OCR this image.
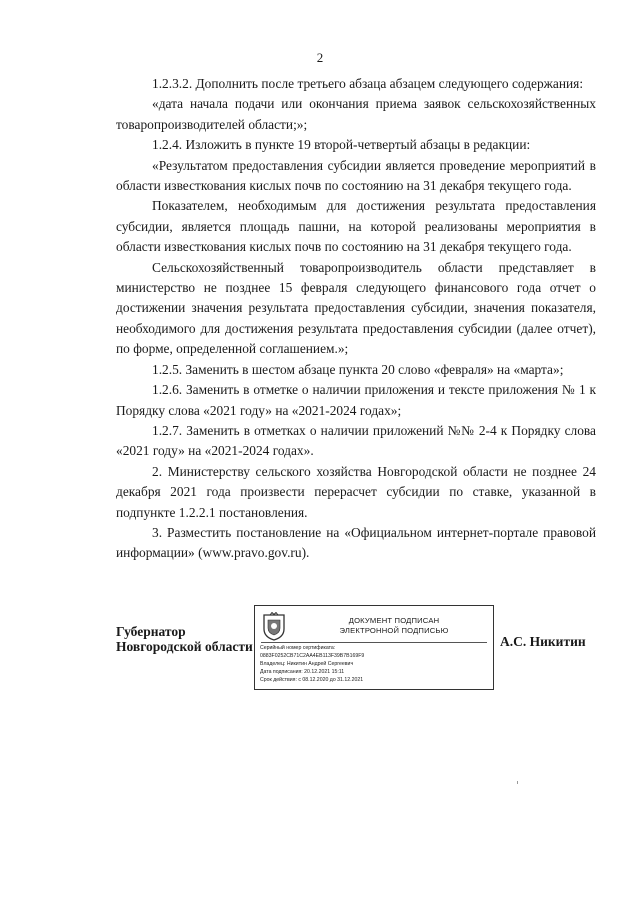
2

1.2.3.2. Дополнить после третьего абзаца абзацем следующего содержания:

«дата начала подачи или окончания приема заявок сельскохозяйственных товаропроизводителей области;»;

1.2.4. Изложить в пункте 19 второй-четвертый абзацы в редакции:

«Результатом предоставления субсидии является проведение мероприятий в области известкования кислых почв по состоянию на 31 декабря текущего года.

Показателем, необходимым для достижения результата предоставления субсидии, является площадь пашни, на которой реализованы мероприятия в области известкования кислых почв по состоянию на 31 декабря текущего года.

Сельскохозяйственный товаропроизводитель области представляет в министерство не позднее 15 февраля следующего финансового года отчет о достижении значения результата предоставления субсидии, значения показателя, необходимого для достижения результата предоставления субсидии (далее отчет), по форме, определенной соглашением.»;

1.2.5. Заменить в шестом абзаце пункта 20 слово «февраля» на «марта»;

1.2.6. Заменить в отметке о наличии приложения и тексте приложения № 1 к Порядку слова «2021 году» на «2021-2024 годах»;

1.2.7. Заменить в отметках о наличии приложений №№ 2-4 к Порядку слова «2021 году» на «2021-2024 годах».

2. Министерству сельского хозяйства Новгородской области не позднее 24 декабря 2021 года произвести перерасчет субсидии по ставке, указанной в подпункте 1.2.2.1 постановления.

3. Разместить постановление на «Официальном интернет-портале правовой информации» (www.pravo.gov.ru).

Губернатор
Новгородской области
ДОКУМЕНТ ПОДПИСАН
ЭЛЕКТРОННОЙ ПОДПИСЬЮ
Серийный номер сертификата:
0883F0252CB71C2AA4EB113F39B7B169F9
Владелец: Никитин Андрей Сергеевич
Дата подписания: 20.12.2021 15:11
Срок действия: с 08.12.2020 до 31.12.2021
А.С. Никитин
